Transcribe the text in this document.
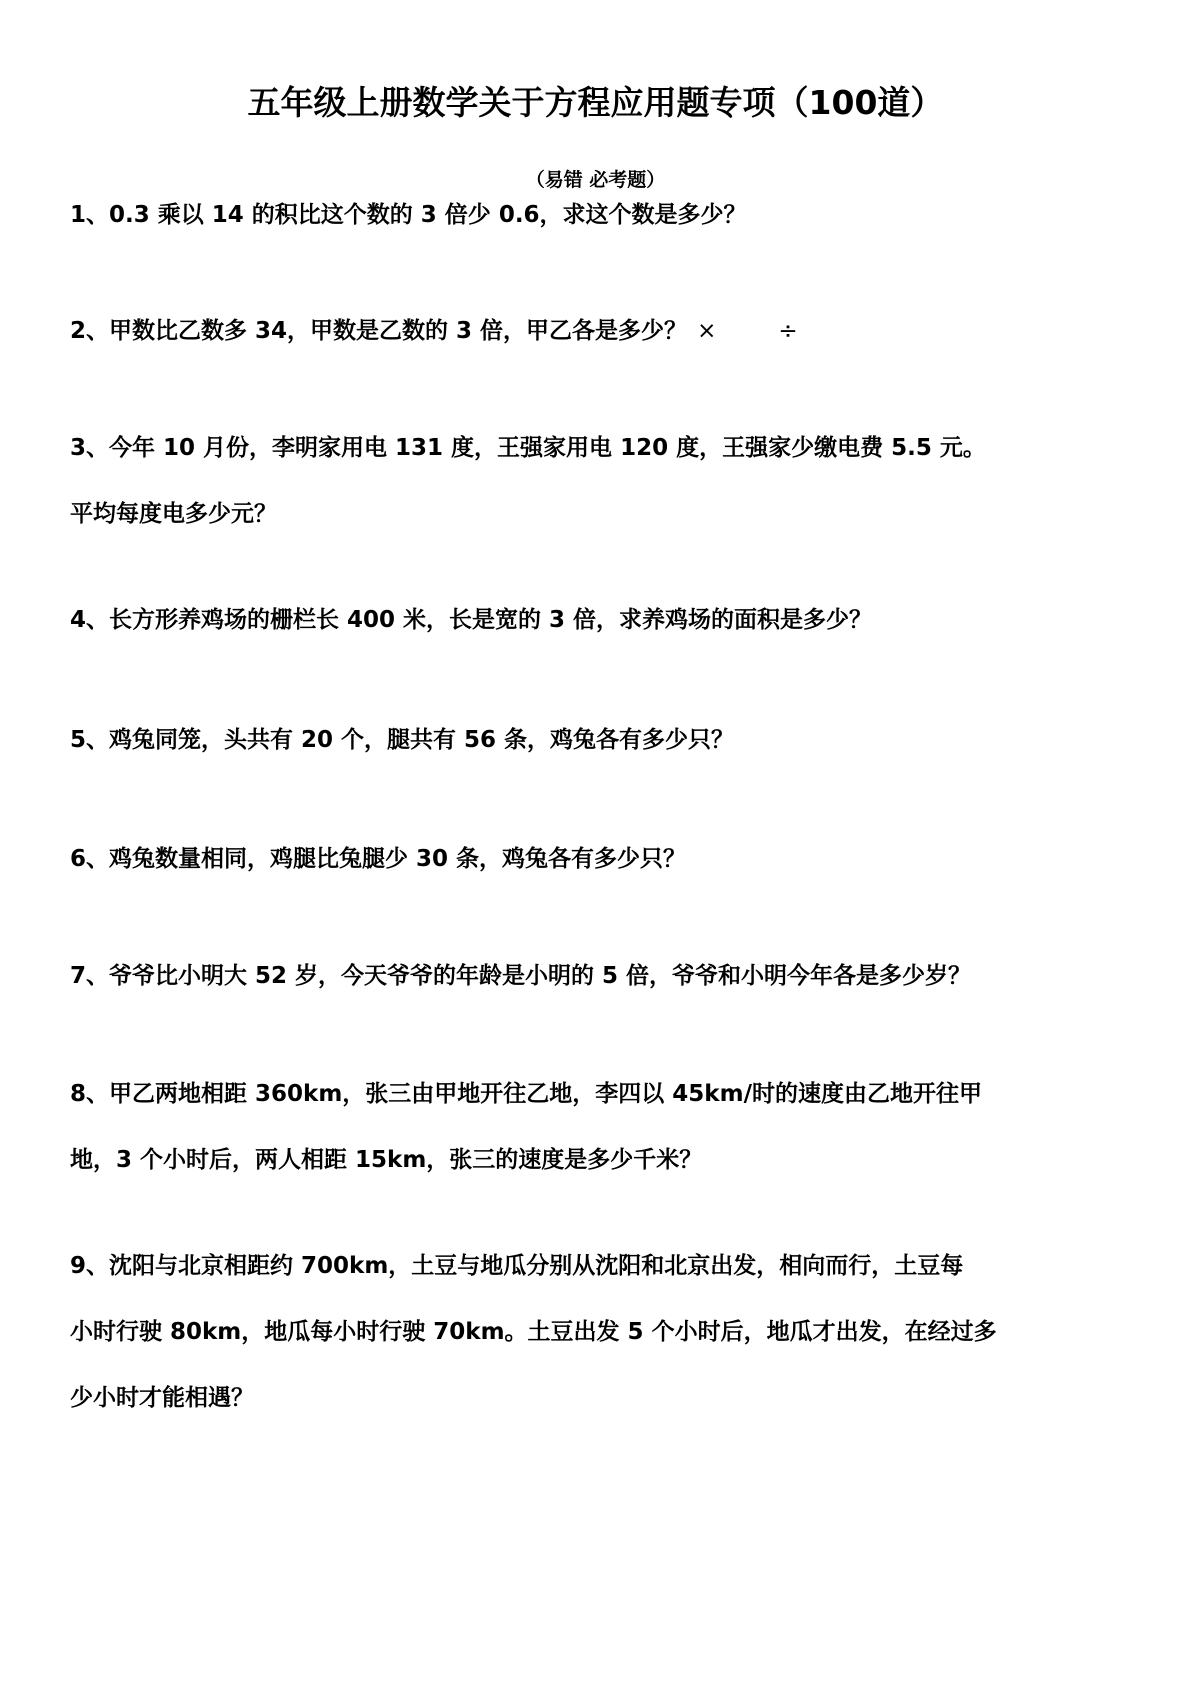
五年级上册数学关于方程应用题专项（100道）
（易错 必考题）
1、0.3 乘以 14 的积比这个数的 3 倍少 0.6，求这个数是多少？
2、甲数比乙数多 34，甲数是乙数的 3 倍，甲乙各是多少？ ×	÷
3、今年 10 月份，李明家用电 131 度，王强家用电 120 度，王强家少缴电费 5.5 元。
平均每度电多少元？
4、长方形养鸡场的栅栏长 400 米，长是宽的 3 倍，求养鸡场的面积是多少？
5、鸡兔同笼，头共有 20 个，腿共有 56 条，鸡兔各有多少只？
6、鸡兔数量相同，鸡腿比兔腿少 30 条，鸡兔各有多少只？
7、爷爷比小明大 52 岁，今天爷爷的年龄是小明的 5 倍，爷爷和小明今年各是多少岁？
8、甲乙两地相距 360km，张三由甲地开往乙地，李四以 45km/时的速度由乙地开往甲
地，3 个小时后，两人相距 15km，张三的速度是多少千米？
9、沈阳与北京相距约 700km，土豆与地瓜分别从沈阳和北京出发，相向而行，土豆每
小时行驶 80km，地瓜每小时行驶 70km。土豆出发 5 个小时后，地瓜才出发，在经过多
少小时才能相遇？
